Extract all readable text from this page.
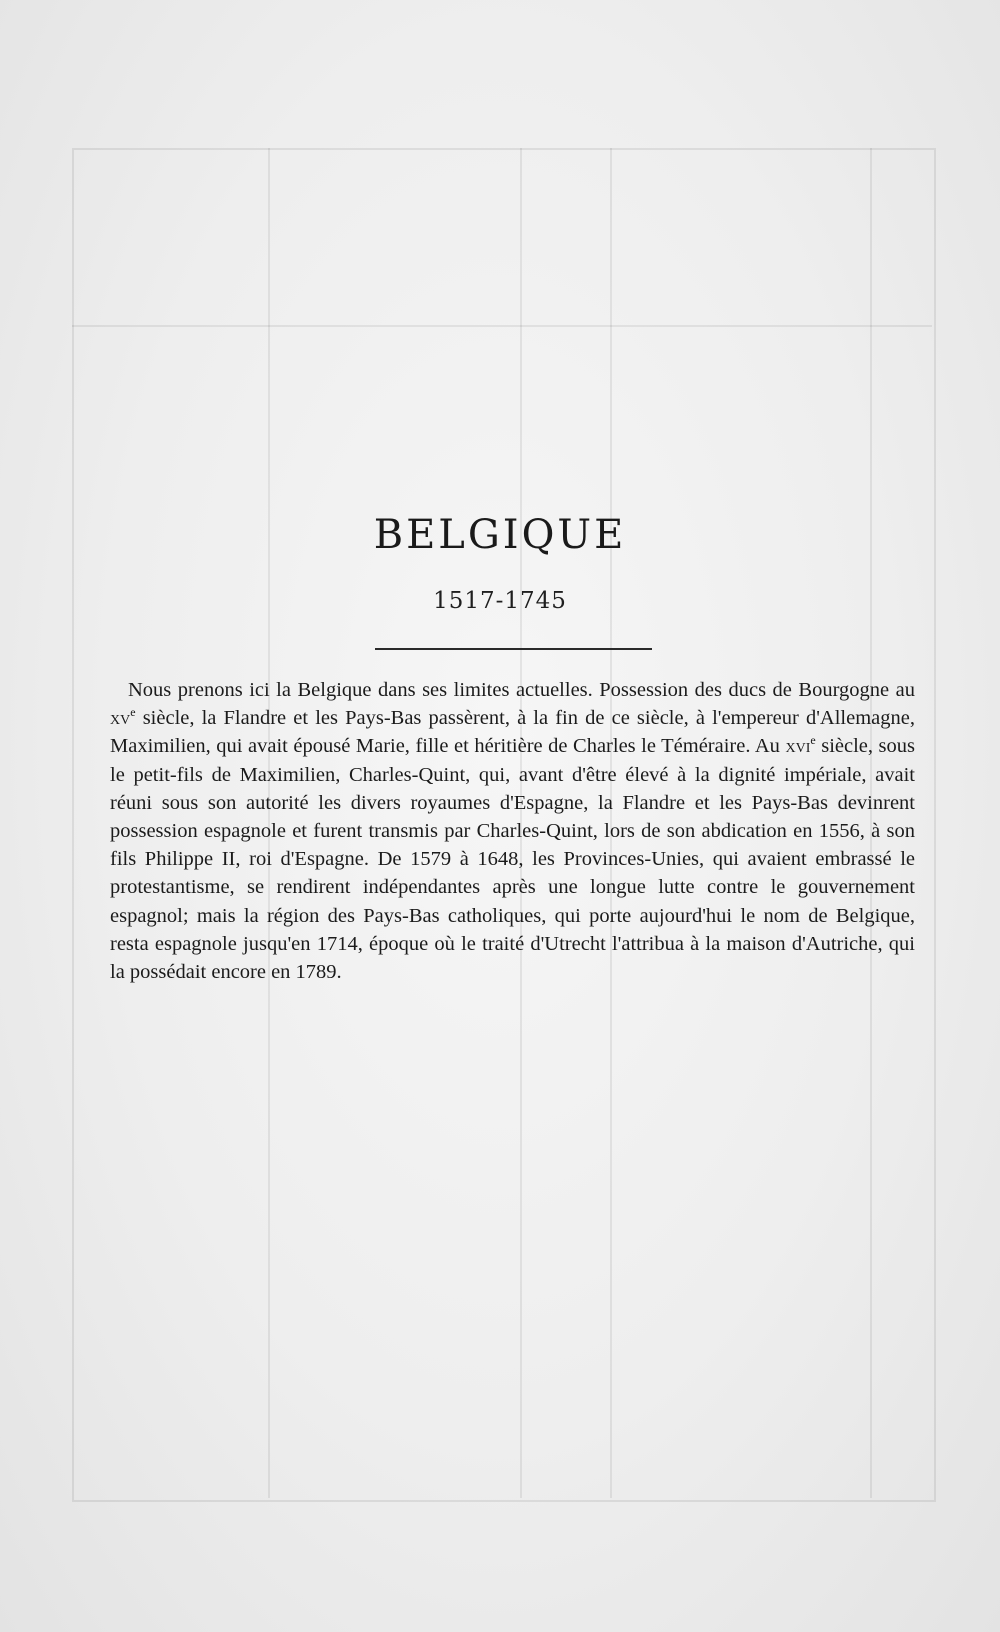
BELGIQUE
1517-1745

Nous prenons ici la Belgique dans ses limites actuelles. Possession des ducs de Bourgogne au $xv^e$ siècle, la Flandre et les Pays-Bas passèrent, à la fin de ce siècle, à l'empereur d'Allemagne, Maximilien, qui avait épousé Marie, fille et héritière de Charles le Téméraire. Au xvi$^e$ siècle, sous le petit-fils de Maximilien, Charles-Quint, qui, avant d'être élevé à la dignité impériale, avait réuni sous son autorité les divers royaumes d'Espagne, la Flandre et les Pays-Bas devinrent possession espagnole et furent transmis par Charles-Quint, lors de son abdication en 1556, à son fils Philippe II, roi d'Espagne. De 1579 à 1648, les Provinces-Unies, qui avaient embrassé le protestantisme, se rendirent indépendantes après une longue lutte contre le gouvernement espagnol; mais la région des Pays-Bas catholiques, qui porte aujourd'hui le nom de Belgique, resta espagnole jusqu'en 1714, époque où le traité d'Utrecht l'attribua à la maison d'Autriche, qui la possédait encore en 1789.
